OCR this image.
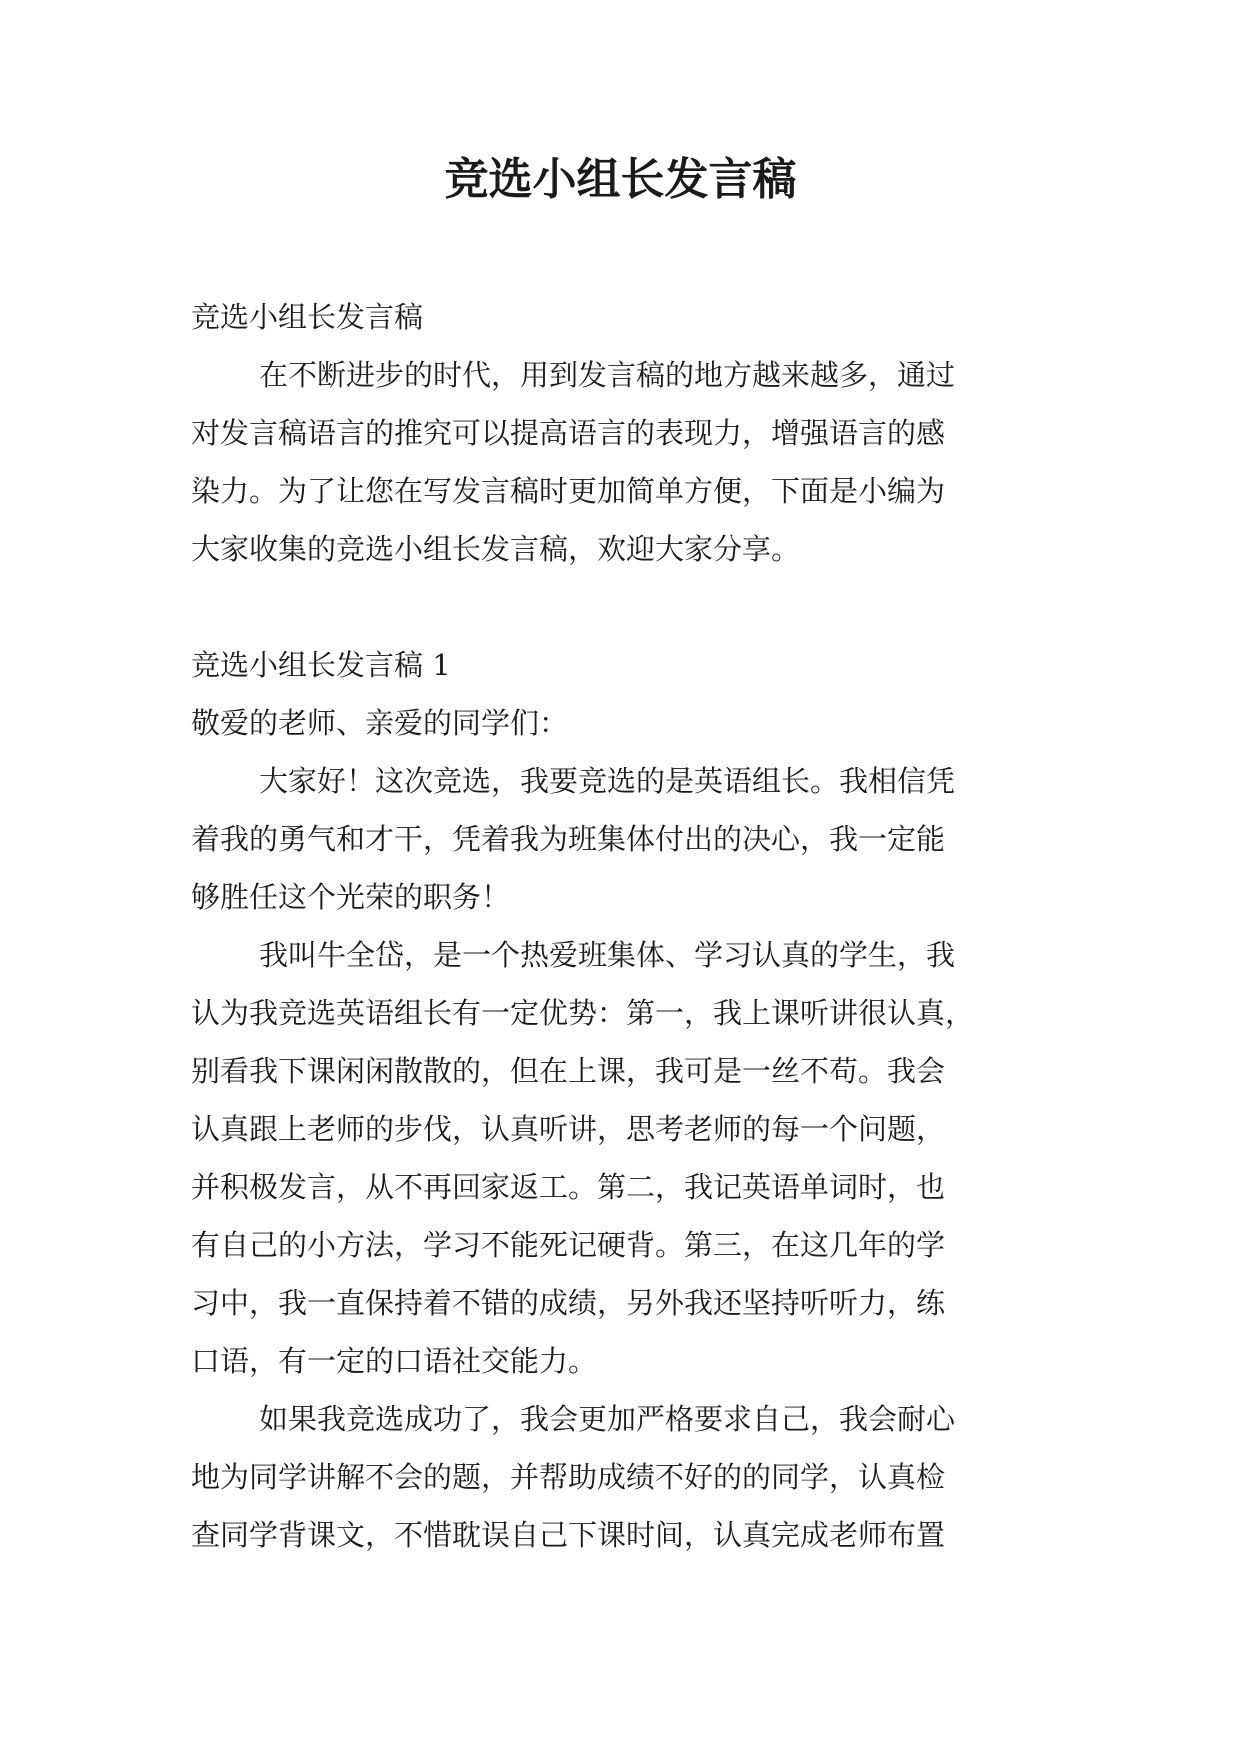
竞选小组长发言稿

竞选小组长发言稿

在不断进步的时代，用到发言稿的地方越来越多，通过

对发言稿语言的推究可以提高语言的表现力，增强语言的感

染力。为了让您在写发言稿时更加简单方便，下面是小编为

大家收集的竞选小组长发言稿，欢迎大家分享。

竞选小组长发言稿 1

敬爱的老师、亲爱的同学们：

大家好！这次竞选，我要竞选的是英语组长。我相信凭

着我的勇气和才干，凭着我为班集体付出的决心，我一定能

够胜任这个光荣的职务！

我叫牛全岱，是一个热爱班集体、学习认真的学生，我

认为我竞选英语组长有一定优势：第一，我上课听讲很认真，

别看我下课闲闲散散的，但在上课，我可是一丝不苟。我会

认真跟上老师的步伐，认真听讲，思考老师的每一个问题，

并积极发言，从不再回家返工。第二，我记英语单词时，也

有自己的小方法，学习不能死记硬背。第三，在这几年的学

习中，我一直保持着不错的成绩，另外我还坚持听听力，练

口语，有一定的口语社交能力。

如果我竞选成功了，我会更加严格要求自己，我会耐心

地为同学讲解不会的题，并帮助成绩不好的的同学，认真检

查同学背课文，不惜耽误自己下课时间，认真完成老师布置
